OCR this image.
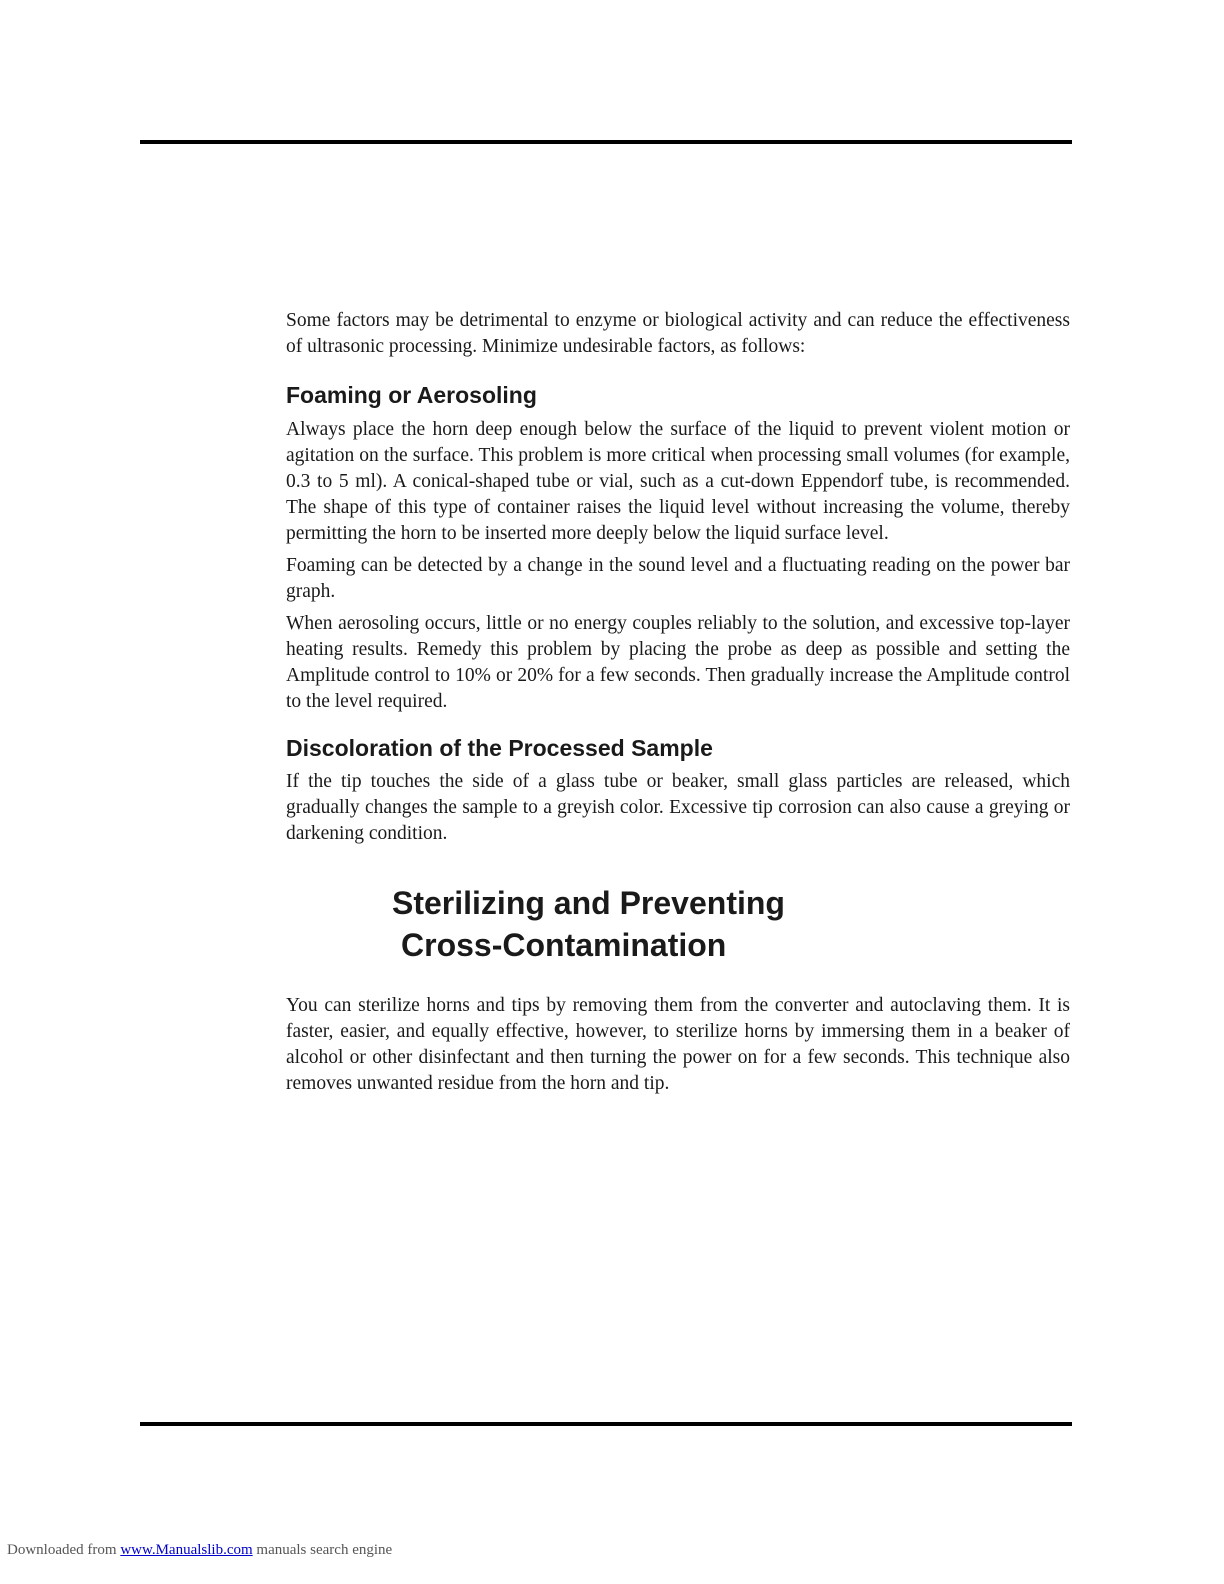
Some factors may be detrimental to enzyme or biological activity and can reduce the effectiveness of ultrasonic processing. Minimize undesirable factors, as follows:

Foaming or Aerosoling

Always place the horn deep enough below the surface of the liquid to prevent violent motion or agitation on the surface. This problem is more critical when processing small volumes (for example, 0.3 to 5 ml). A conical-shaped tube or vial, such as a cut-down Eppendorf tube, is recommended. The shape of this type of container raises the liquid level without increasing the volume, thereby permitting the horn to be inserted more deeply below the liquid surface level.

Foaming can be detected by a change in the sound level and a fluctuating reading on the power bar graph.

When aerosoling occurs, little or no energy couples reliably to the solution, and excessive top-layer heating results. Remedy this problem by placing the probe as deep as possible and setting the Amplitude control to 10% or 20% for a few seconds. Then gradually increase the Amplitude control to the level required.

Discoloration of the Processed Sample

If the tip touches the side of a glass tube or beaker, small glass particles are released, which gradually changes the sample to a greyish color. Excessive tip corrosion can also cause a greying or darkening condition.

Sterilizing and Preventing

Cross-Contamination

You can sterilize horns and tips by removing them from the converter and autoclaving them. It is faster, easier, and equally effective, however, to sterilize horns by immersing them in a beaker of alcohol or other disinfectant and then turning the power on for a few seconds. This technique also removes unwanted residue from the horn and tip.

Downloaded from www.Manualslib.com manuals search engine
